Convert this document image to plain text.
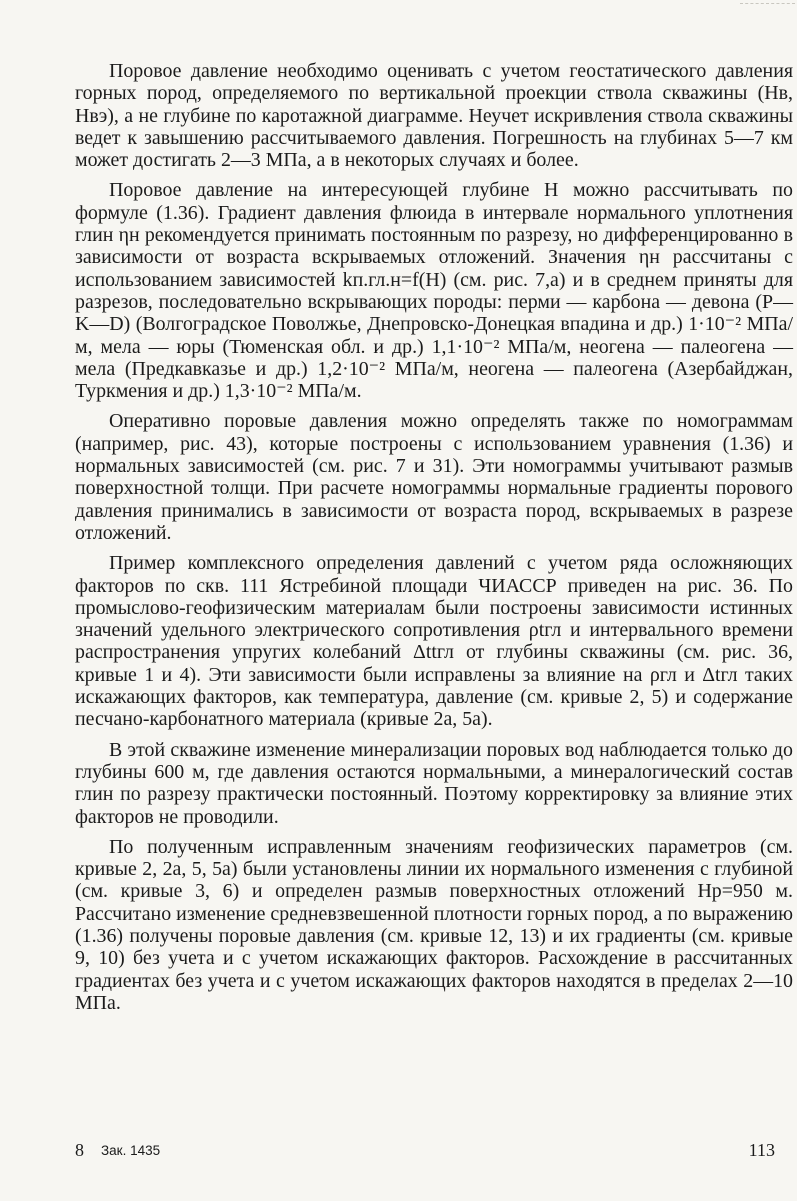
Поровое давление необходимо оценивать с учетом геостатического давления горных пород, определяемого по вертикальной проекции ствола скважины (Hв, Hвэ), а не глубине по каротажной диаграмме. Неучет искривления ствола скважины ведет к завышению рассчитываемого давления. Погрешность на глубинах 5—7 км может достигать 2—3 МПа, а в некоторых случаях и более.

Поровое давление на интересующей глубине H можно рассчитывать по формуле (1.36). Градиент давления флюида в интервале нормального уплотнения глин ηн рекомендуется принимать постоянным по разрезу, но дифференцированно в зависимости от возраста вскрываемых отложений. Значения ηн рассчитаны с использованием зависимостей kп.гл.н=f(H) (см. рис. 7,a) и в среднем приняты для разрезов, последовательно вскрывающих породы: перми — карбона — девона (P—K—D) (Волгоградское Поволжье, Днепровско-Донецкая впадина и др.) 1·10⁻² МПа/м, мела — юры (Тюменская обл. и др.) 1,1·10⁻² МПа/м, неогена — палеогена — мела (Предкавказье и др.) 1,2·10⁻² МПа/м, неогена — палеогена (Азербайджан, Туркмения и др.) 1,3·10⁻² МПа/м.

Оперативно поровые давления можно определять также по номограммам (например, рис. 43), которые построены с использованием уравнения (1.36) и нормальных зависимостей (см. рис. 7 и 31). Эти номограммы учитывают размыв поверхностной толщи. При расчете номограммы нормальные градиенты порового давления принимались в зависимости от возраста пород, вскрываемых в разрезе отложений.

Пример комплексного определения давлений с учетом ряда осложняющих факторов по скв. 111 Ястребиной площади ЧИАССР приведен на рис. 36. По промыслово-геофизическим материалам были построены зависимости истинных значений удельного электрического сопротивления ρtгл и интервального времени распространения упругих колебаний Δttгл от глубины скважины (см. рис. 36, кривые 1 и 4). Эти зависимости были исправлены за влияние на ρгл и Δtгл таких искажающих факторов, как температура, давление (см. кривые 2, 5) и содержание песчано-карбонатного материала (кривые 2а, 5а).

В этой скважине изменение минерализации поровых вод наблюдается только до глубины 600 м, где давления остаются нормальными, а минералогический состав глин по разрезу практически постоянный. Поэтому корректировку за влияние этих факторов не проводили.

По полученным исправленным значениям геофизических параметров (см. кривые 2, 2а, 5, 5а) были установлены линии их нормального изменения с глубиной (см. кривые 3, 6) и определен размыв поверхностных отложений Hр=950 м. Рассчитано изменение средневзвешенной плотности горных пород, а по выражению (1.36) получены поровые давления (см. кривые 12, 13) и их градиенты (см. кривые 9, 10) без учета и с учетом искажающих факторов. Расхождение в рассчитанных градиентах без учета и с учетом искажающих факторов находятся в пределах 2—10 МПа.

8 Зак. 1435	113
